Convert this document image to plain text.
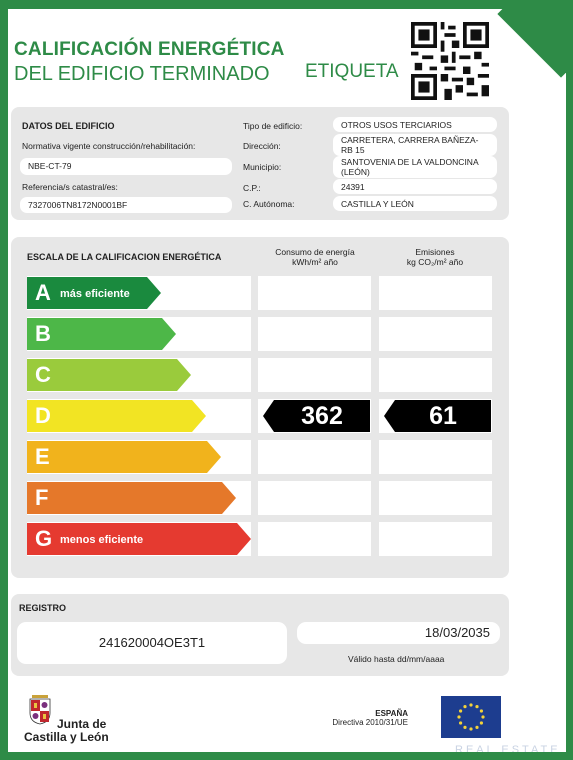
CALIFICACIÓN ENERGÉTICA
DEL EDIFICIO TERMINADO ETIQUETA
DATOS DEL EDIFICIO
Normativa vigente construcción/rehabilitación:
NBE-CT-79
Referencia/s catastral/es:
7327006TN8172N0001BF
Tipo de edificio:	OTROS USOS TERCIARIOS
Dirección:
CARRETERA, CARRERA BAÑEZA-
RB 15
Municipio:	SANTOVENIA DE LA VALDONCINA
(LEÓN)
C.P.:	24391
C. Autónoma:	CASTILLA Y LEÓN
ESCALA DE LA CALIFICACION ENERGÉTICA	Consumo de energía
kWh/m² año
Emisiones
kg CO₂/m² año
A más eficiente
B
C
D	362	61
E
F
G menos eficiente
REGISTRO
241620004OE3T1
18/03/2035
Válido hasta dd/mm/aaaa
Junta de
Castilla y León
ESPAÑA
Directiva 2010/31/UE
REAL ESTATE
